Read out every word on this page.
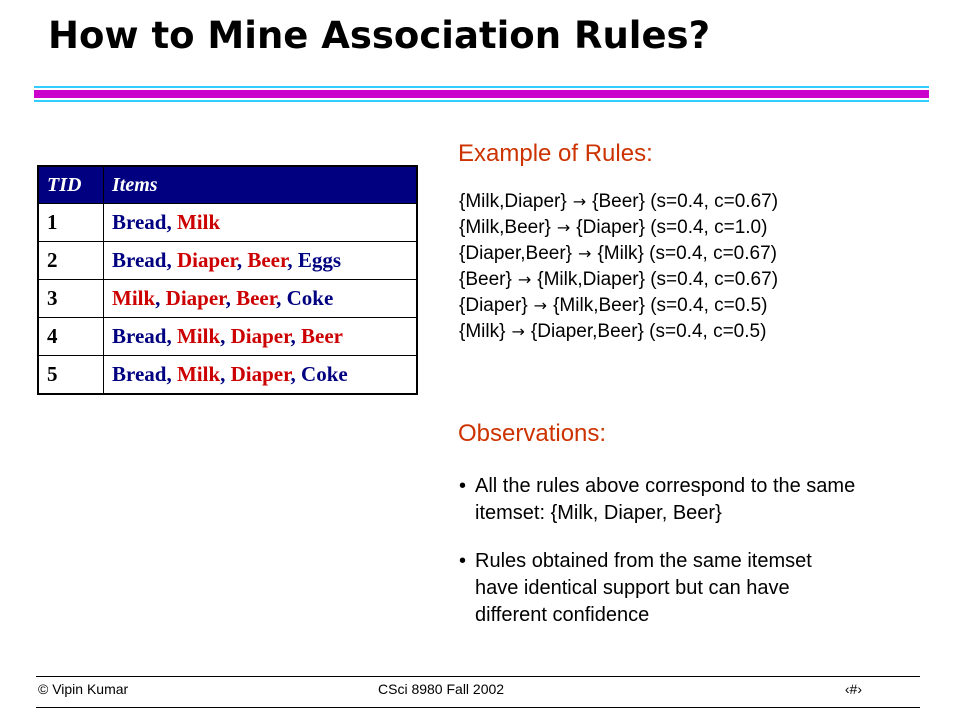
How to Mine Association Rules?
TID	Items
1	Bread, Milk
2	Bread, Diaper, Beer, Eggs
3	Milk, Diaper, Beer, Coke
4	Bread, Milk, Diaper, Beer
5	Bread, Milk, Diaper, Coke
Example of Rules:
{Milk,Diaper} → {Beer} (s=0.4, c=0.67)
{Milk,Beer} → {Diaper} (s=0.4, c=1.0)
{Diaper,Beer} → {Milk} (s=0.4, c=0.67)
{Beer} → {Milk,Diaper} (s=0.4, c=0.67)
{Diaper} → {Milk,Beer} (s=0.4, c=0.5)
{Milk} → {Diaper,Beer} (s=0.4, c=0.5)
Observations:
• All the rules above correspond to the same itemset: {Milk, Diaper, Beer}
• Rules obtained from the same itemset have identical support but can have different confidence
© Vipin Kumar	CSci 8980 Fall 2002	‹#›
